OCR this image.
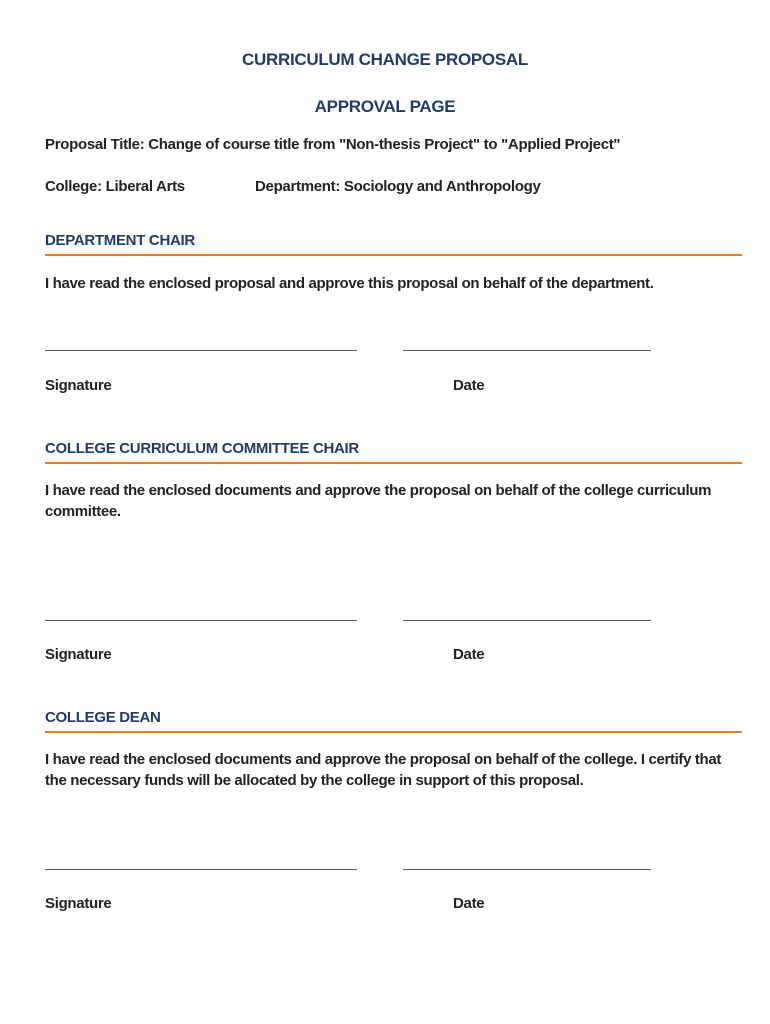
CURRICULUM CHANGE PROPOSAL
APPROVAL PAGE
Proposal Title: Change of course title from "Non-thesis Project" to "Applied Project"
College: Liberal Arts	Department: Sociology and Anthropology
DEPARTMENT CHAIR
I have read the enclosed proposal and approve this proposal on behalf of the department.
Signature	Date
COLLEGE CURRICULUM COMMITTEE CHAIR
I have read the enclosed documents and approve the proposal on behalf of the college curriculum committee.
Signature	Date
COLLEGE DEAN
I have read the enclosed documents and approve the proposal on behalf of the college. I certify that the necessary funds will be allocated by the college in support of this proposal.
Signature	Date
